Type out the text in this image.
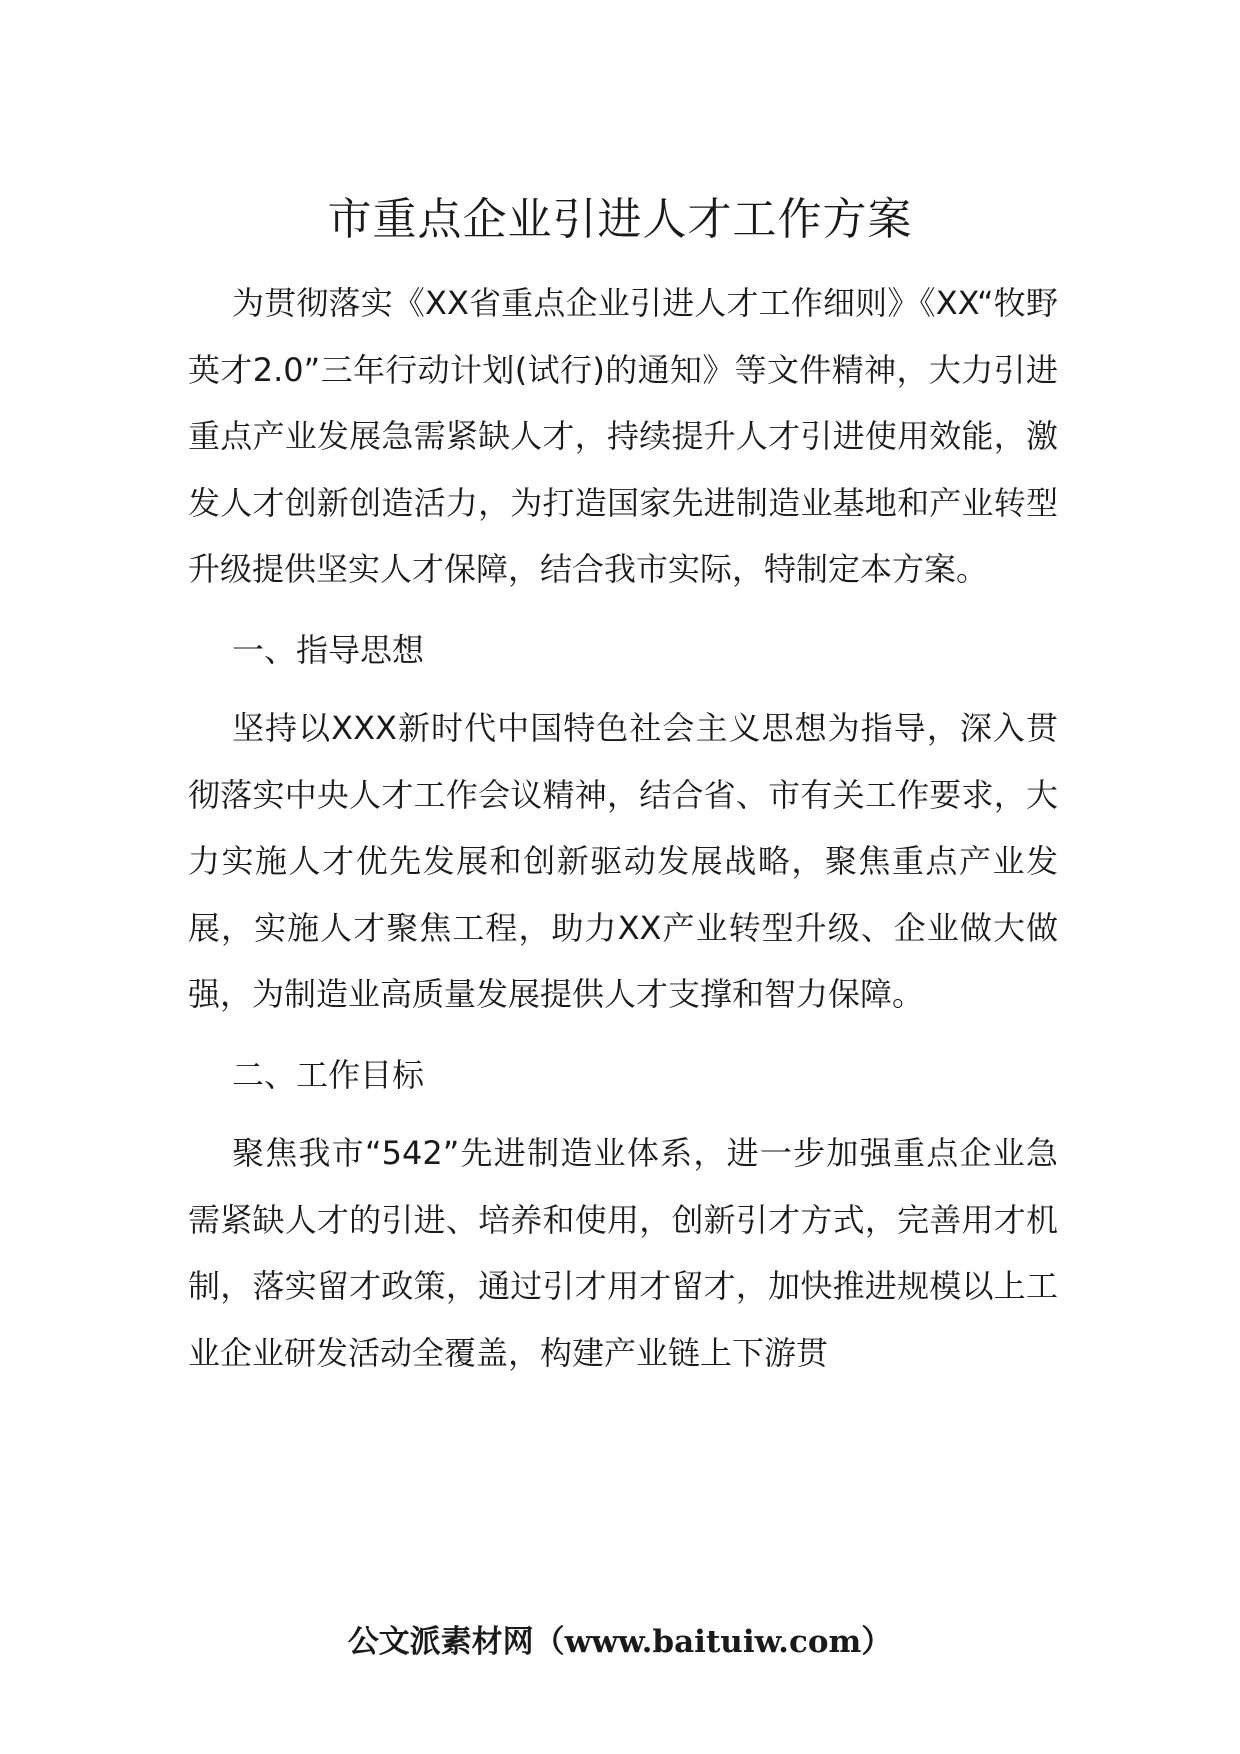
市重点企业引进人才工作方案

为贯彻落实《XX省重点企业引进人才工作细则》《XX“牧野英才2.0”三年行动计划(试行)的通知》等文件精神，大力引进重点产业发展急需紧缺人才，持续提升人才引进使用效能，激发人才创新创造活力，为打造国家先进制造业基地和产业转型升级提供坚实人才保障，结合我市实际，特制定本方案。

一、指导思想

坚持以XXX新时代中国特色社会主义思想为指导，深入贯彻落实中央人才工作会议精神，结合省、市有关工作要求，大力实施人才优先发展和创新驱动发展战略，聚焦重点产业发展，实施人才聚焦工程，助力XX产业转型升级、企业做大做强，为制造业高质量发展提供人才支撑和智力保障。

二、工作目标

聚焦我市“542”先进制造业体系，进一步加强重点企业急需紧缺人才的引进、培养和使用，创新引才方式，完善用才机制，落实留才政策，通过引才用才留才，加快推进规模以上工业企业研发活动全覆盖，构建产业链上下游贯

公文派素材网（www.baituiw.com）
